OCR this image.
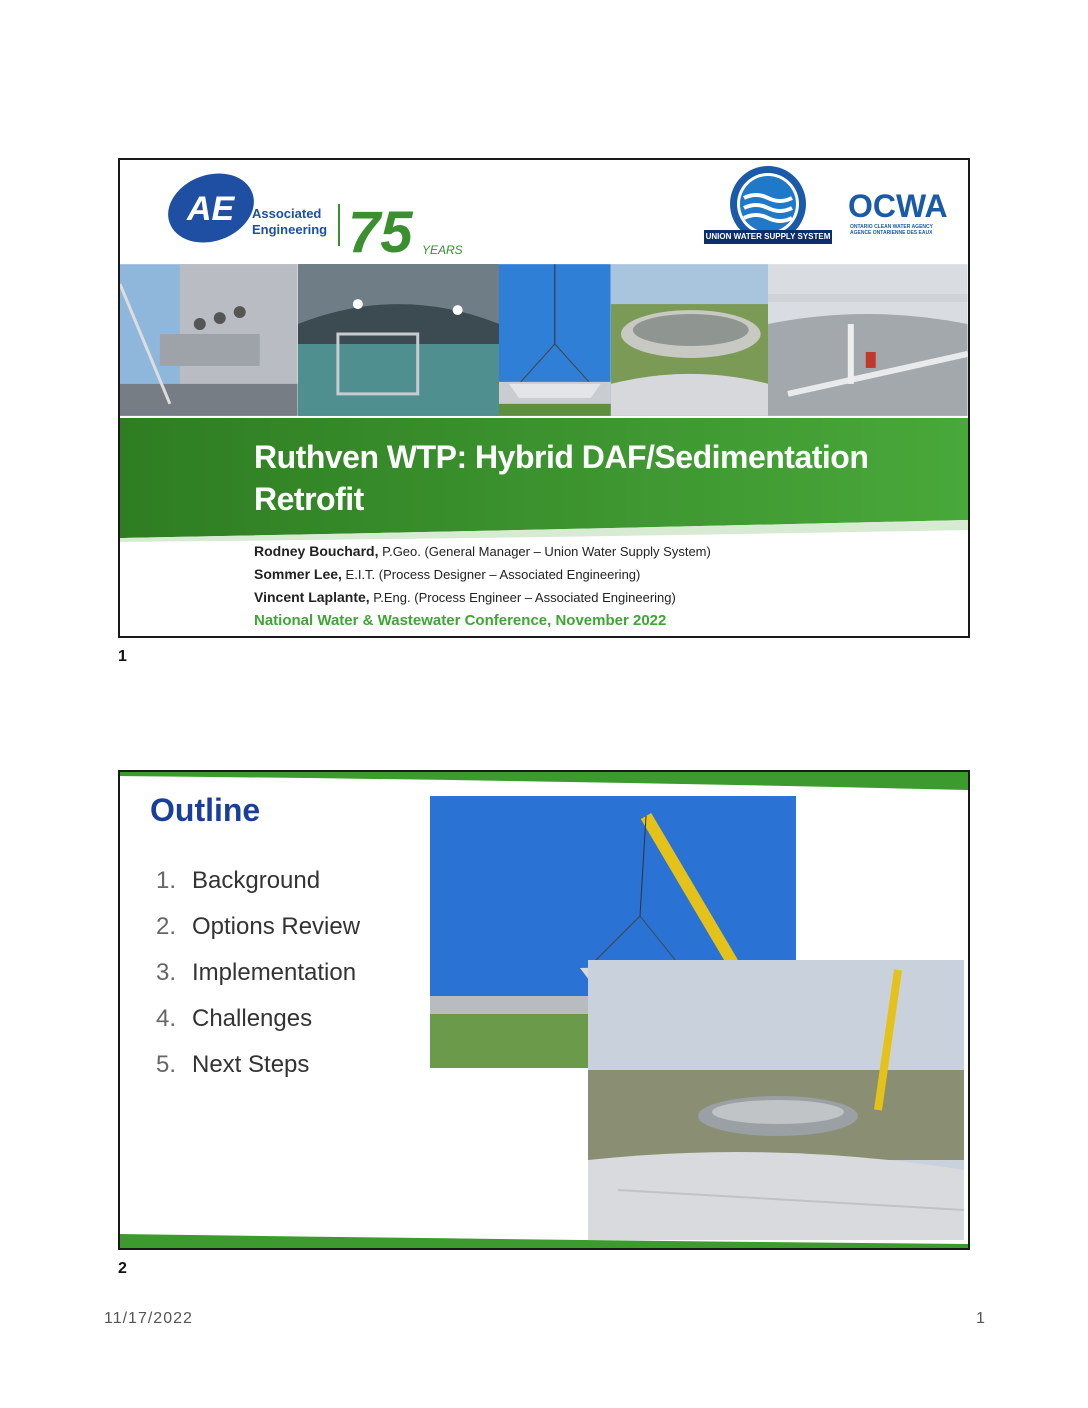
AE Associated
Engineering 75 YEARS
UNION WATER SUPPLY SYSTEM
OCWA
ONTARIO CLEAN WATER AGENCY
AGENCE ONTARIENNE DES EAUX
Ruthven WTP: Hybrid DAF/Sedimentation Retrofit
Rodney Bouchard, P.Geo. (General Manager – Union Water Supply System)
Sommer Lee, E.I.T. (Process Designer – Associated Engineering)
Vincent Laplante, P.Eng. (Process Engineer – Associated Engineering)
National Water & Wastewater Conference, November 2022
1
Outline
1. Background
2. Options Review
3. Implementation
4. Challenges
5. Next Steps
2
11/17/2022	1
